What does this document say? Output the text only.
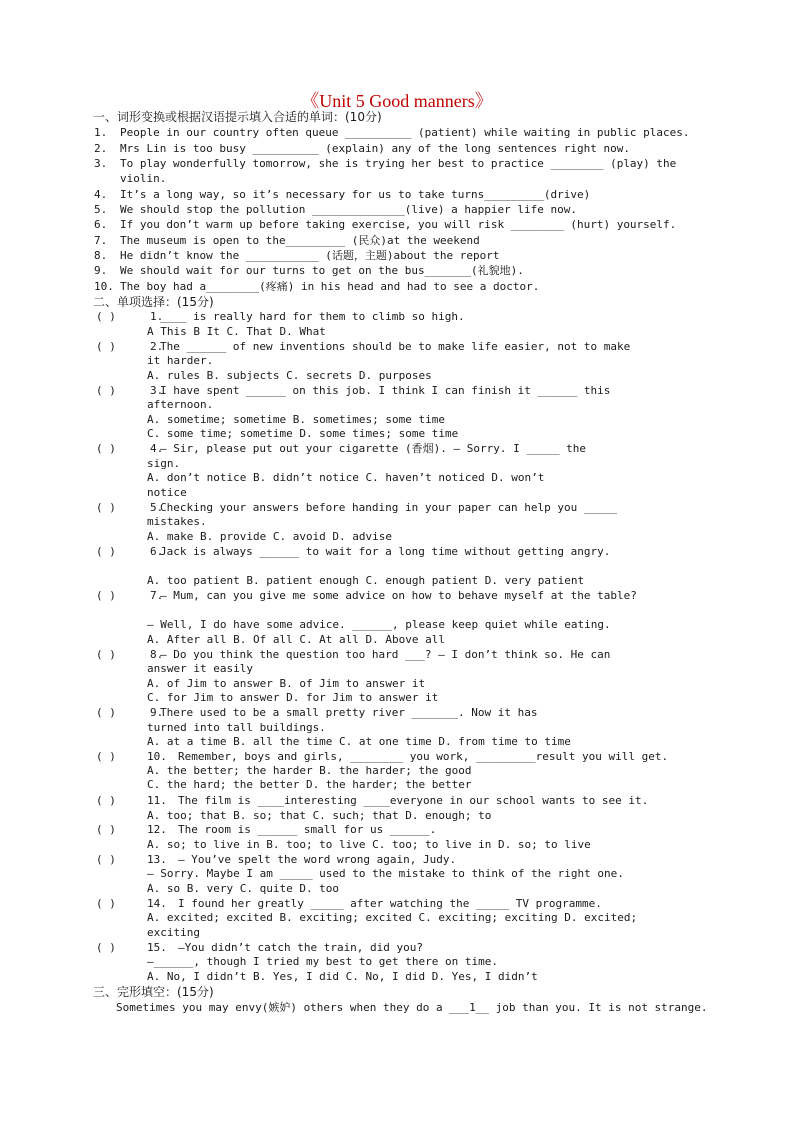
《Unit 5 Good manners》
一、词形变换或根据汉语提示填入合适的单词：(10分)
1. People in our country often queue __________ (patient) while waiting in public places.
2. Mrs Lin is too busy __________ (explain) any of the long sentences right now.
3. To play wonderfully tomorrow, she is trying her best to practice ________ (play) the
violin.
4. It’s a long way, so it’s necessary for us to take turns_________(drive)
5. We should stop the pollution ______________(live) a happier life now.
6. If you don’t warm up before taking exercise, you will risk ________ (hurt) yourself.
7. The museum is open to the_________ (民众)at the weekend
8. He didn’t know the ___________ (话题，主题)about the report
9. We should wait for our turns to get on the bus_______(礼貌地).
10. The boy had a________(疼痛) in his head and had to see a doctor.
二、单项选择：(15分)
( )	1.
____ is really hard for them to climb so high.
A This B It C. That D. What
( )	2.
The ______ of new inventions should be to make life easier, not to make
it harder.
A. rules B. subjects C. secrets D. purposes
( )	3.
I have spent ______ on this job. I think I can finish it ______ this
afternoon.
A. sometime; sometime B. sometimes; some time
C. some time; sometime D. some times; some time
( )	4.
— Sir, please put out your cigarette (香烟). — Sorry. I _____ the
sign.
A. don’t notice B. didn’t notice C. haven’t noticed D. won’t
notice
( )	5.
Checking your answers before handing in your paper can help you _____
mistakes.
A. make B. provide C. avoid D. advise
( )	6.
Jack is always ______ to wait for a long time without getting angry.
A. too patient B. patient enough C. enough patient D. very patient
( )	7.
— Mum, can you give me some advice on how to behave myself at the table?
— Well, I do have some advice. ______, please keep quiet while eating.
A. After all B. Of all C. At all D. Above all
( )	8.
— Do you think the question too hard ___? — I don’t think so. He can
answer it easily
A. of Jim to answer B. of Jim to answer it
C. for Jim to answer D. for Jim to answer it
( )	9.
There used to be a small pretty river _______. Now it has
turned into tall buildings.
A. at a time B. all the time C. at one time D. from time to time
( )	10. Remember, boys and girls, ________ you work, _________result you will get.
A. the better; the harder B. the harder; the good
C. the hard; the better D. the harder; the better
( )	11. The film is ____interesting ____everyone in our school wants to see it.
A. too; that B. so; that C. such; that D. enough; to
( )	12. The room is ______ small for us ______.
A. so; to live in B. too; to live C. too; to live in D. so; to live
( )	13. — You’ve spelt the word wrong again, Judy.
— Sorry. Maybe I am _____ used to the mistake to think of the right one.
A. so B. very C. quite D. too
( )	14. I found her greatly _____ after watching the _____ TV programme.
A. excited; excited B. exciting; excited C. exciting; exciting D. excited;
exciting
( )	15. —You didn’t catch the train, did you?
—______, though I tried my best to get there on time.
A. No, I didn’t B. Yes, I did C. No, I did D. Yes, I didn’t
三、完形填空：(15分)
Sometimes you may envy(嫉妒) others when they do a ___1__ job than you. It is not strange.
